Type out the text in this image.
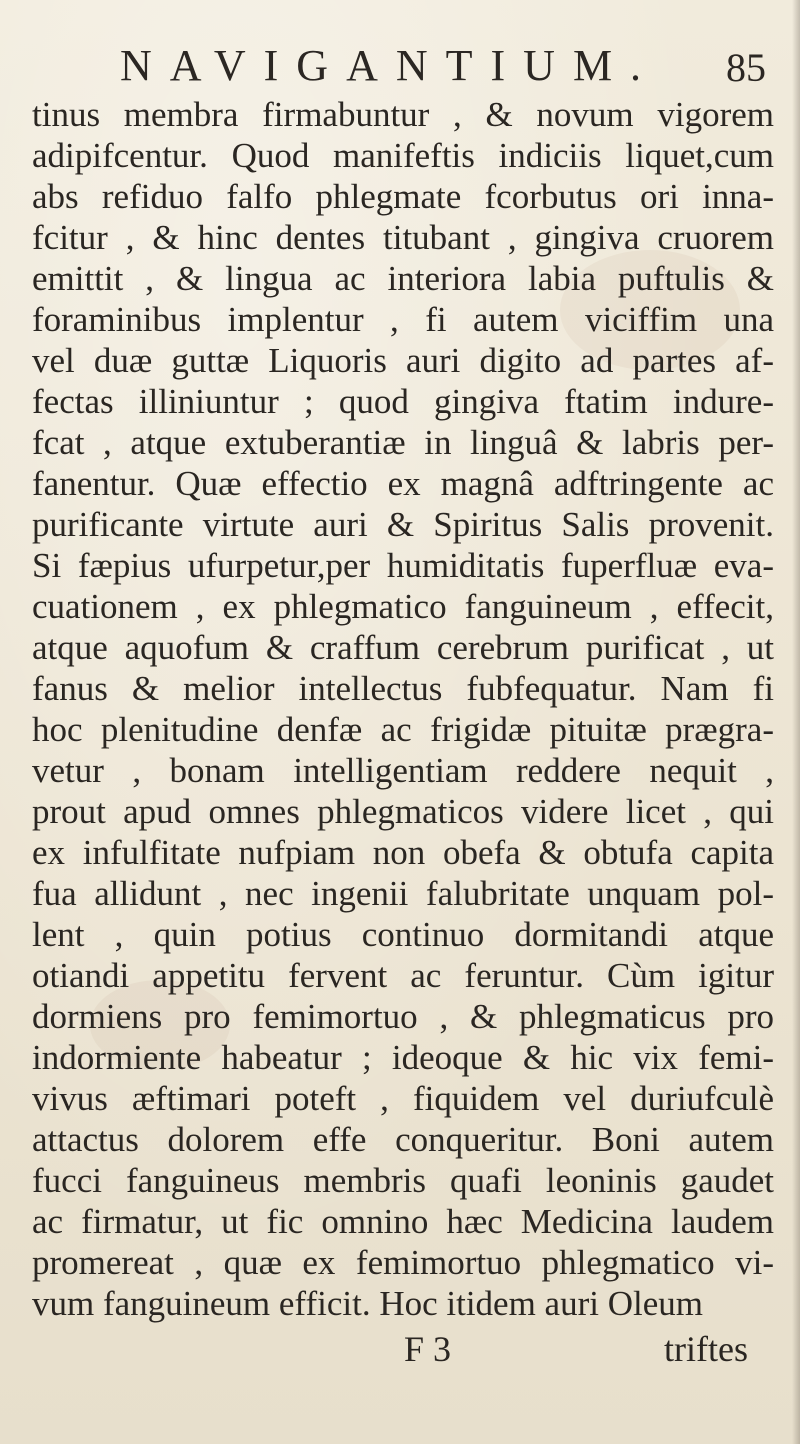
NAVIGANTIUM. 85
tinus membra firmabuntur , & novum vigorem
adipifcentur. Quod manifeftis indiciis liquet,cum
abs refiduo falfo phlegmate fcorbutus ori inna-
fcitur , & hinc dentes titubant , gingiva cruorem
emittit , & lingua ac interiora labia puftulis &
foraminibus implentur , fi autem viciffim una
vel duæ guttæ Liquoris auri digito ad partes af-
fectas illiniuntur ; quod gingiva ftatim indure-
fcat , atque extuberantiæ in linguâ & labris per-
fanentur. Quæ effectio ex magnâ adftringente ac
purificante virtute auri & Spiritus Salis provenit.
Si fæpius ufurpetur,per humiditatis fuperfluæ eva-
cuationem , ex phlegmatico fanguineum , effecit,
atque aquofum & craffum cerebrum purificat , ut
fanus & melior intellectus fubfequatur. Nam fi
hoc plenitudine denfæ ac frigidæ pituitæ prægra-
vetur , bonam intelligentiam reddere nequit ,
prout apud omnes phlegmaticos videre licet , qui
ex infulfitate nufpiam non obefa & obtufa capita
fua allidunt , nec ingenii falubritate unquam pol-
lent , quin potius continuo dormitandi atque
otiandi appetitu fervent ac feruntur. Cùm igitur
dormiens pro femimortuo , & phlegmaticus pro
indormiente habeatur ; ideoque & hic vix femi-
vivus æftimari poteft , fiquidem vel duriufculè
attactus dolorem effe conqueritur. Boni autem
fucci fanguineus membris quafi leoninis gaudet
ac firmatur, ut fic omnino hæc Medicina laudem
promereat , quæ ex femimortuo phlegmatico vi-
vum fanguineum efficit. Hoc itidem auri Oleum
F 3	triftes
